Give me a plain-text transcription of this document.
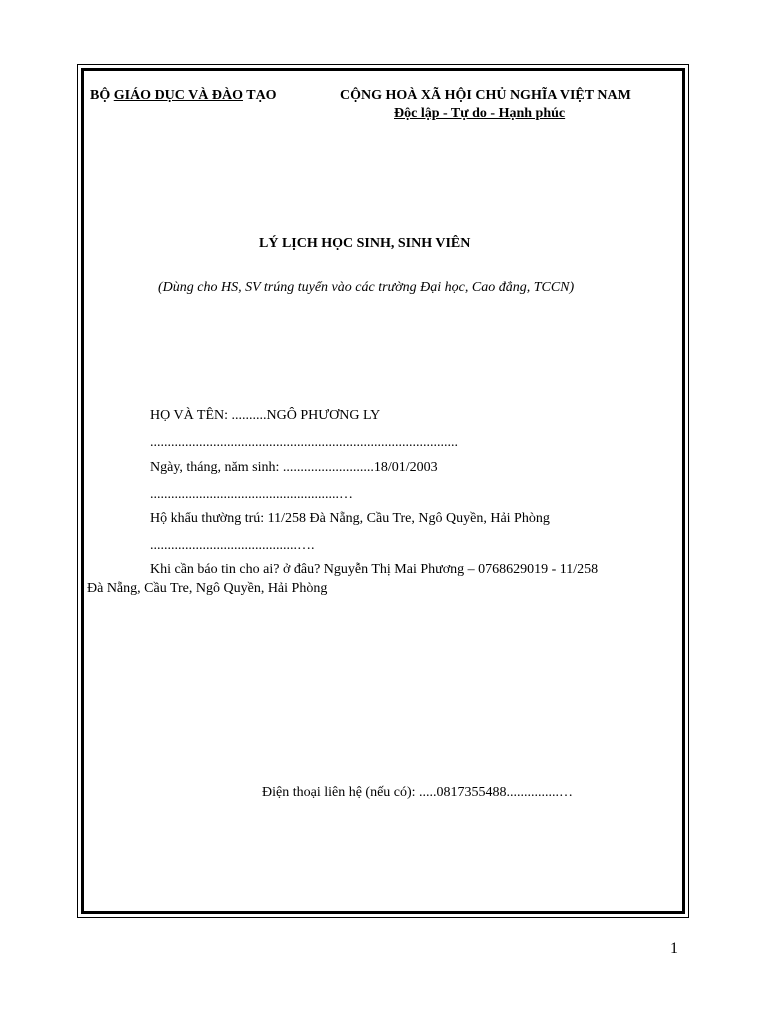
BỘ GIÁO DỤC VÀ ĐÀO TẠO	CỘNG HOÀ XÃ HỘI CHỦ NGHĨA VIỆT NAM
Độc lập - Tự do - Hạnh phúc
LÝ LỊCH HỌC SINH, SINH VIÊN
(Dùng cho HS, SV trúng tuyển vào các trường Đại học, Cao đẳng, TCCN)
HỌ VÀ TÊN: ..........NGÔ PHƯƠNG LY
........................................................................................
Ngày, tháng, năm sinh: ..........................18/01/2003
......................................................…
Hộ khẩu thường trú: 11/258 Đà Nẵng, Cầu Tre, Ngô Quyền, Hải Phòng
..........................................….
Khi cần báo tin cho ai? ở đâu? Nguyễn Thị Mai Phương – 0768629019 - 11/258
Đà Nẵng, Cầu Tre, Ngô Quyền, Hải Phòng
Điện thoại liên hệ (nếu có): .....0817355488...............…
1
